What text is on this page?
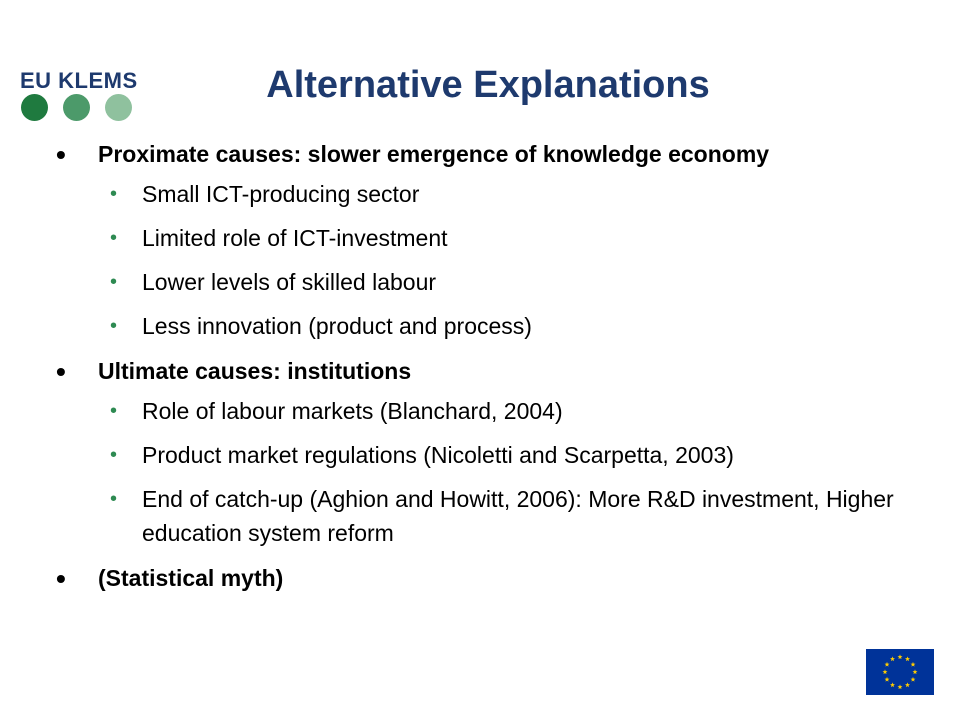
EU KLEMS	Alternative Explanations
• Proximate causes: slower emergence of knowledge economy
• Small ICT-producing sector
• Limited role of ICT-investment
• Lower levels of skilled labour
• Less innovation (product and process)
• Ultimate causes: institutions
• Role of labour markets (Blanchard, 2004)
• Product market regulations (Nicoletti and Scarpetta, 2003)
• End of catch-up (Aghion and Howitt, 2006): More R&D investment, Higher education system reform
• (Statistical myth)
